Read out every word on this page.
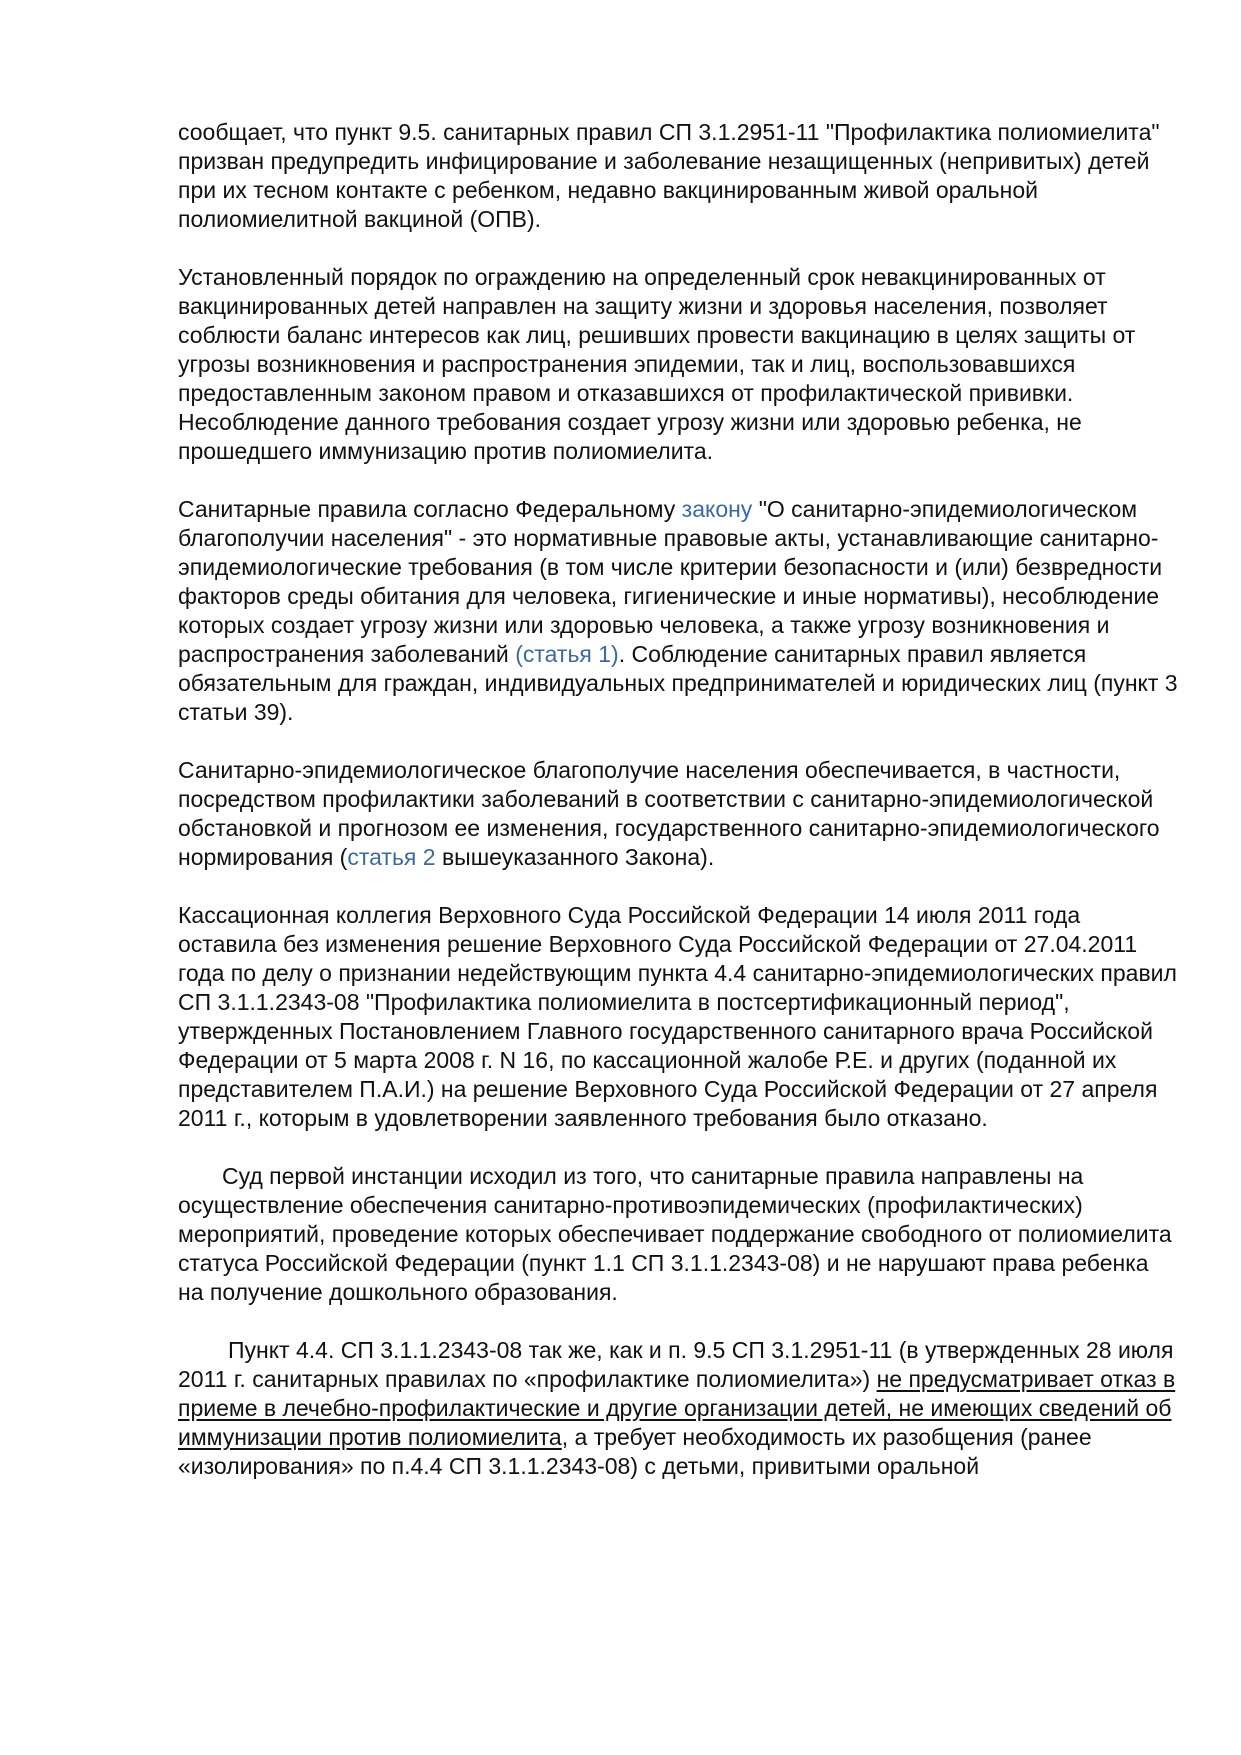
сообщает, что пункт 9.5. санитарных правил СП 3.1.2951-11 "Профилактика полиомиелита" призван предупредить инфицирование и заболевание незащищенных (непривитых) детей при их тесном контакте с ребенком, недавно вакцинированным живой оральной полиомиелитной вакциной (ОПВ).

Установленный порядок по ограждению на определенный срок невакцинированных от вакцинированных детей направлен на защиту жизни и здоровья населения, позволяет соблюсти баланс интересов как лиц, решивших провести вакцинацию в целях защиты от угрозы возникновения и распространения эпидемии, так и лиц, воспользовавшихся предоставленным законом правом и отказавшихся от профилактической прививки. Несоблюдение данного требования создает угрозу жизни или здоровью ребенка, не прошедшего иммунизацию против полиомиелита.

Санитарные правила согласно Федеральному закону "О санитарно-эпидемиологическом благополучии населения" - это нормативные правовые акты, устанавливающие санитарно-эпидемиологические требования (в том числе критерии безопасности и (или) безвредности факторов среды обитания для человека, гигиенические и иные нормативы), несоблюдение которых создает угрозу жизни или здоровью человека, а также угрозу возникновения и распространения заболеваний (статья 1). Соблюдение санитарных правил является обязательным для граждан, индивидуальных предпринимателей и юридических лиц (пункт 3 статьи 39).

Санитарно-эпидемиологическое благополучие населения обеспечивается, в частности, посредством профилактики заболеваний в соответствии с санитарно-эпидемиологической обстановкой и прогнозом ее изменения, государственного санитарно-эпидемиологического нормирования (статья 2 вышеуказанного Закона).

Кассационная коллегия Верховного Суда Российской Федерации 14 июля 2011 года оставила без изменения решение Верховного Суда Российской Федерации от 27.04.2011 года по делу о признании недействующим пункта 4.4 санитарно-эпидемиологических правил СП 3.1.1.2343-08 "Профилактика полиомиелита в постсертификационный период", утвержденных Постановлением Главного государственного санитарного врача Российской Федерации от 5 марта 2008 г. N 16, по кассационной жалобе Р.Е. и других (поданной их представителем П.А.И.) на решение Верховного Суда Российской Федерации от 27 апреля 2011 г., которым в удовлетворении заявленного требования было отказано.

Суд первой инстанции исходил из того, что санитарные правила направлены на осуществление обеспечения санитарно-противоэпидемических (профилактических) мероприятий, проведение которых обеспечивает поддержание свободного от полиомиелита статуса Российской Федерации (пункт 1.1 СП 3.1.1.2343-08) и не нарушают права ребенка на получение дошкольного образования.

Пункт 4.4. СП 3.1.1.2343-08 так же, как и п. 9.5 СП 3.1.2951-11 (в утвержденных 28 июля 2011 г. санитарных правилах по «профилактике полиомиелита») не предусматривает отказ в приеме в лечебно-профилактические и другие организации детей, не имеющих сведений об иммунизации против полиомиелита, а требует необходимость их разобщения (ранее «изолирования» по п.4.4 СП 3.1.1.2343-08) с детьми, привитыми оральной
